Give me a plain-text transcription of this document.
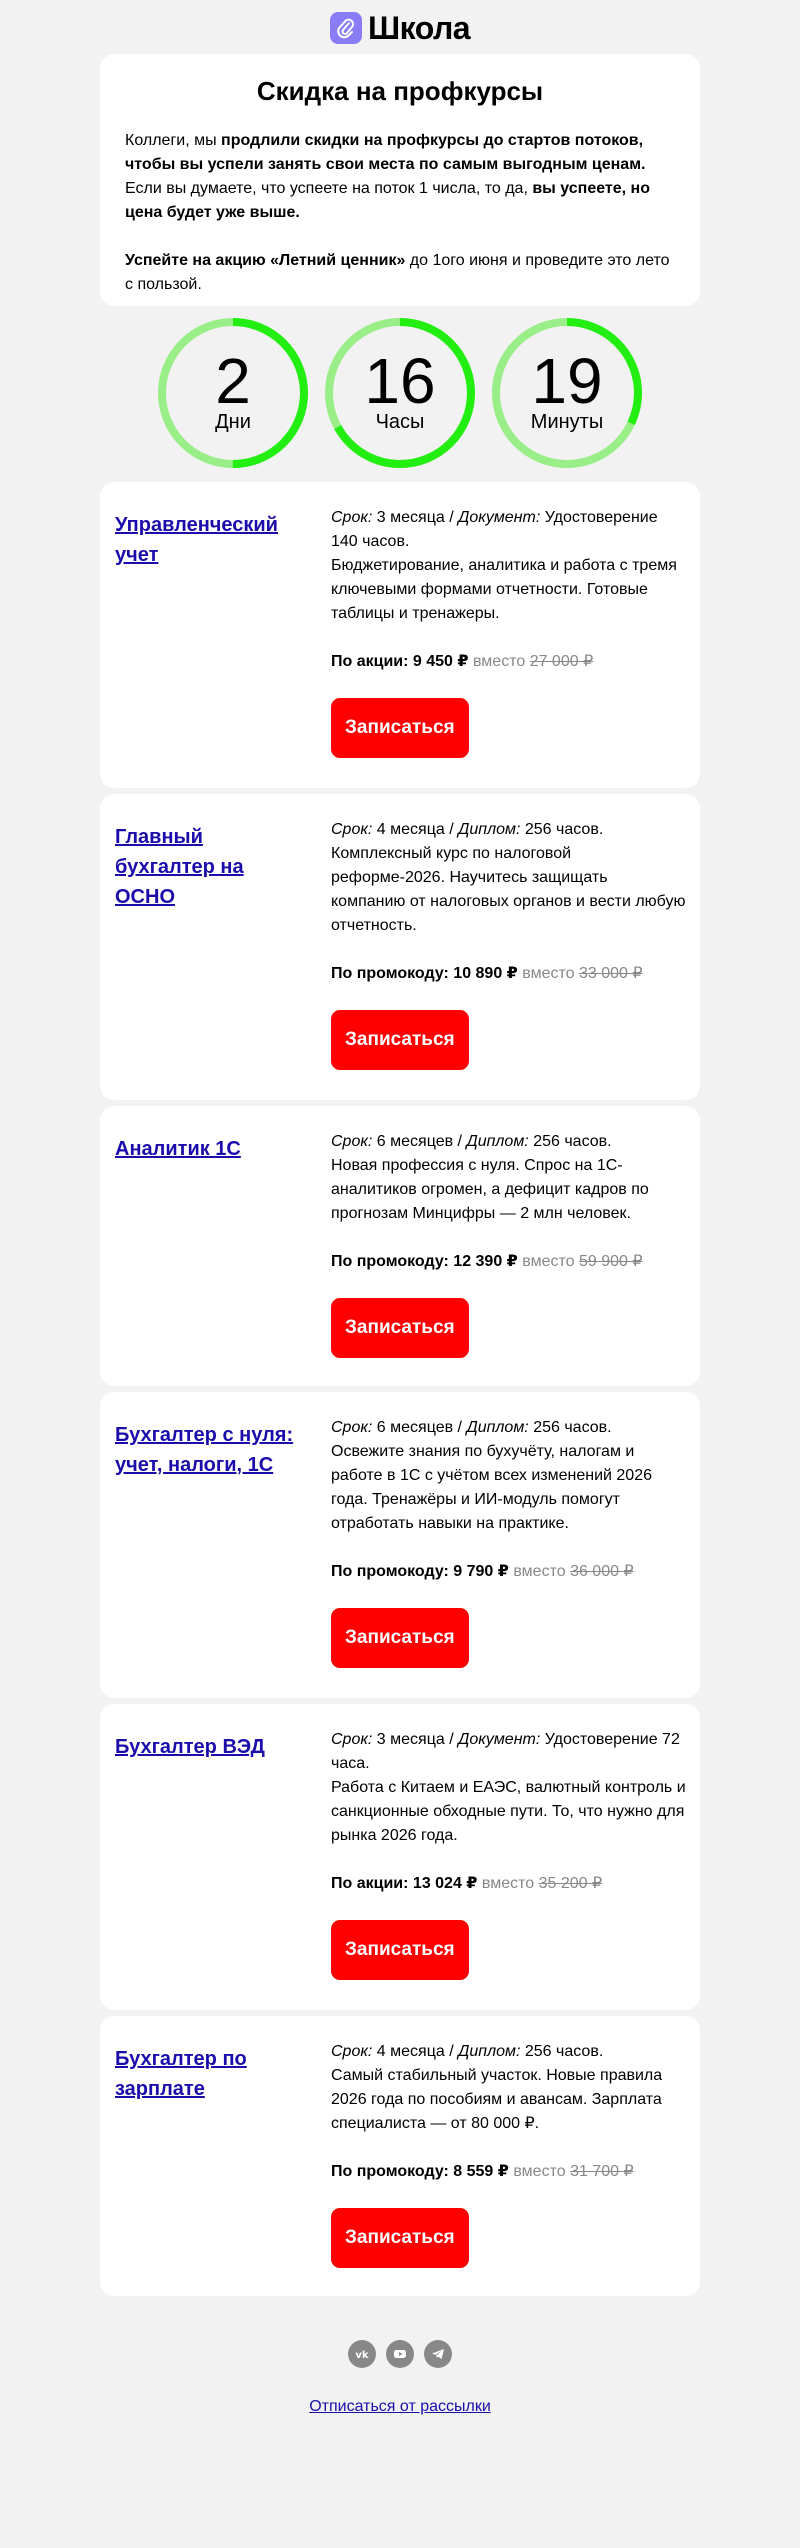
Школа
Скидка на профкурсы

Коллеги, мы продлили скидки на профкурсы до стартов потоков, чтобы вы успели занять свои места по самым выгодным ценам. Если вы думаете, что успеете на поток 1 числа, то да, вы успеете, но цена будет уже выше.

Успейте на акцию «Летний ценник» до 1ого июня и проведите это лето с пользой.

2
Дни
16
Часы
19
Минуты
Управленческий учет
Срок: 3 месяца / Документ: Удостоверение 140 часов.
Бюджетирование, аналитика и работа с тремя ключевыми формами отчетности. Готовые таблицы и тренажеры.
По акции: 9 450 ₽ вместо 27 000 ₽
Записаться
Главный бухгалтер на ОСНО
Срок: 4 месяца / Диплом: 256 часов.
Комплексный курс по налоговой реформе-2026. Научитесь защищать компанию от налоговых органов и вести любую отчетность.
По промокоду: 10 890 ₽ вместо 33 000 ₽
Записаться
Аналитик 1С	Срок: 6 месяцев / Диплом: 256 часов.
Новая профессия с нуля. Спрос на 1С-аналитиков огромен, а дефицит кадров по прогнозам Минцифры — 2 млн человек.
По промокоду: 12 390 ₽ вместо 59 900 ₽
Записаться
Бухгалтер с нуля: учет, налоги, 1С
Срок: 6 месяцев / Диплом: 256 часов.
Освежите знания по бухучёту, налогам и работе в 1С с учётом всех изменений 2026 года. Тренажёры и ИИ-модуль помогут отработать навыки на практике.
По промокоду: 9 790 ₽ вместо 36 000 ₽
Записаться
Бухгалтер ВЭД	Срок: 3 месяца / Документ: Удостоверение 72 часа.
Работа с Китаем и ЕАЭС, валютный контроль и санкционные обходные пути. То, что нужно для рынка 2026 года.
По акции: 13 024 ₽ вместо 35 200 ₽
Записаться
Бухгалтер по зарплате
Срок: 4 месяца / Диплом: 256 часов.
Самый стабильный участок. Новые правила 2026 года по пособиям и авансам. Зарплата специалиста — от 80 000 ₽.
По промокоду: 8 559 ₽ вместо 31 700 ₽
Записаться
vk
Отписаться от рассылки
